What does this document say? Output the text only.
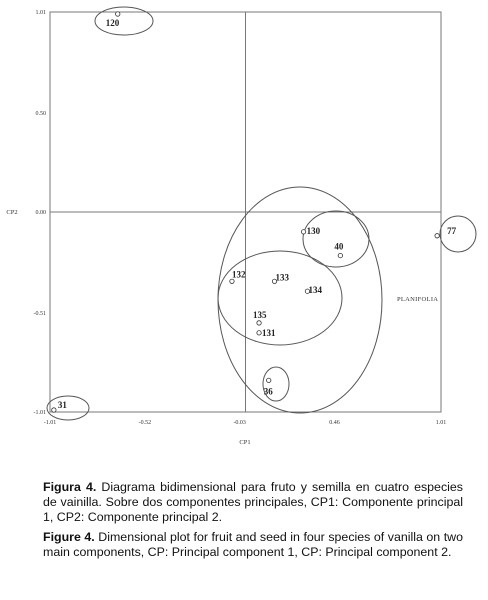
-1.01	-0.52	-0.03	0.46	1.01
1.01
0.50
0.00
-0.51
-1.01
120
31
77
130
40
132	133
134
135
131
36
CP1
CP2
PLANIFOLIA
Figura 4. Diagrama bidimensional para fruto y semilla en cuatro especies de vainilla. Sobre dos componentes principales, CP1: Componente principal 1, CP2: Componente principal 2.
Figure 4. Dimensional plot for fruit and seed in four species of vanilla on two main components, CP: Principal component 1, CP: Principal component 2.
